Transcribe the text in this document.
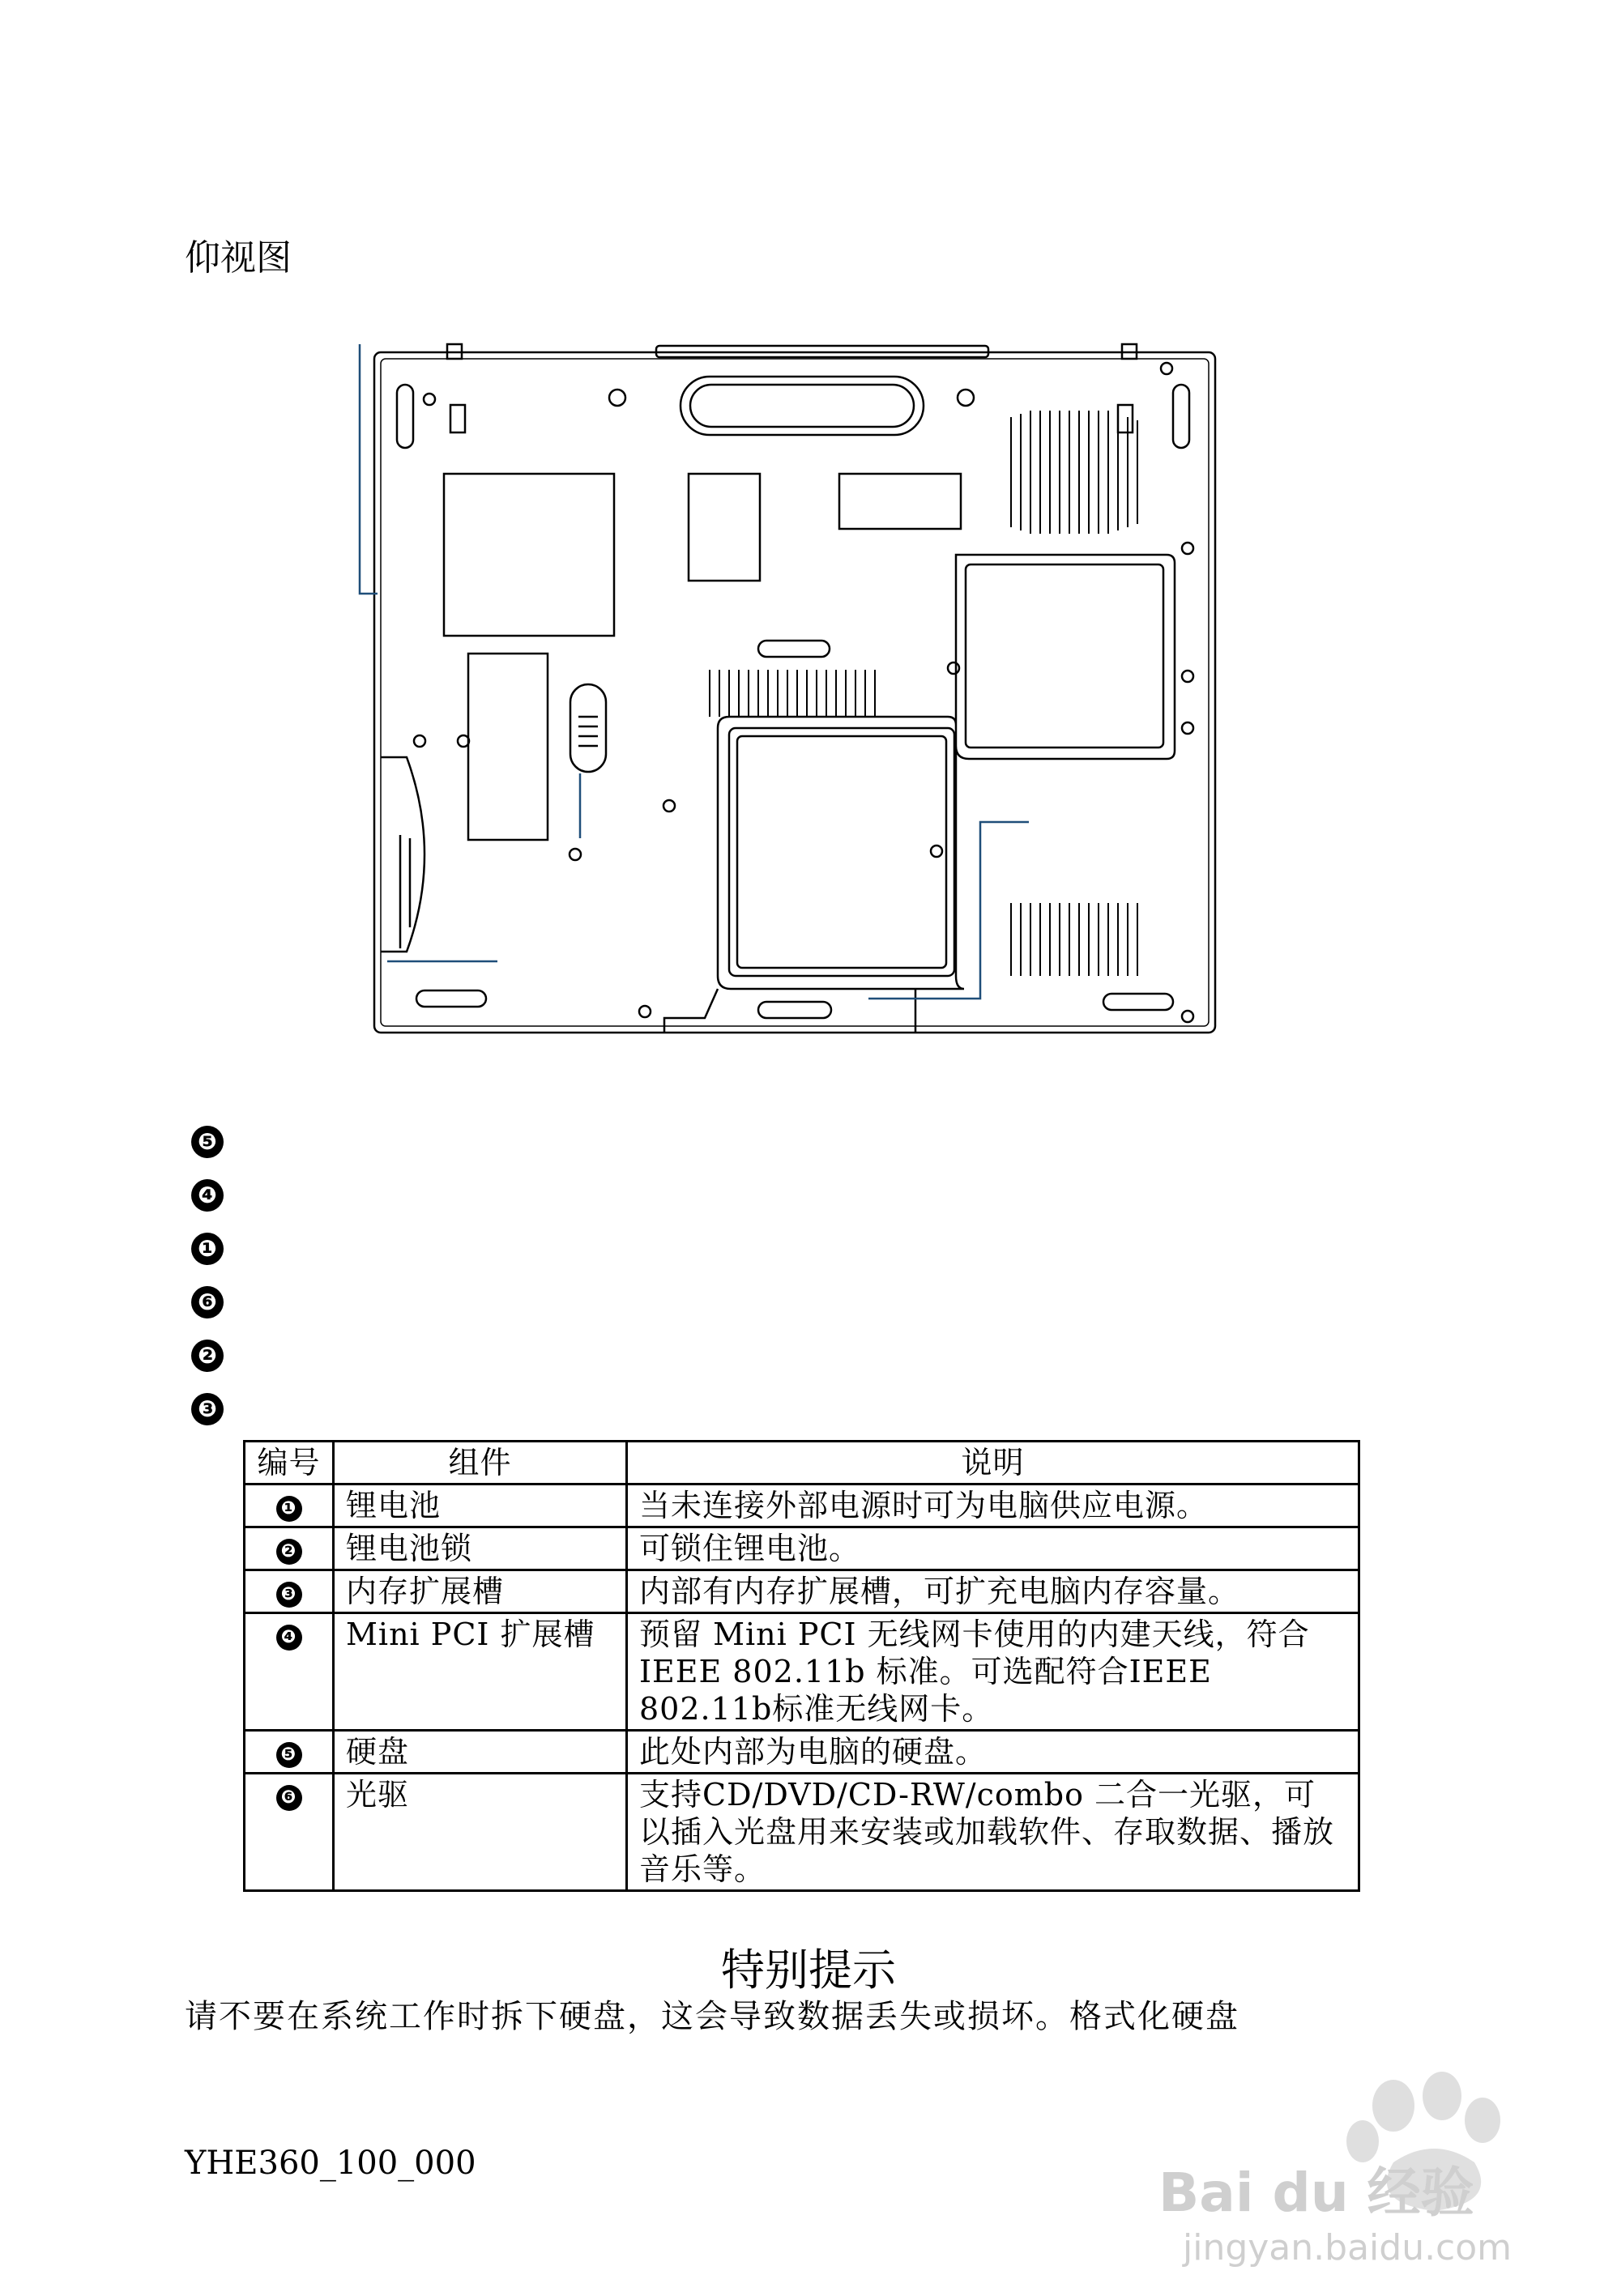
仰视图
❺
❹
❶
❻
❷
❸
编号	组件	说明
❶	锂电池	当未连接外部电源时可为电脑供应电源。
❷	锂电池锁	可锁住锂电池。
❸	内存扩展槽	内部有内存扩展槽，可扩充电脑内存容量。
❹	Mini PCI 扩展槽	预留 Mini PCI 无线网卡使用的内建天线，符合 IEEE 802.11b 标准。可选配符合IEEE 802.11b标准无线网卡。
❺	硬盘	此处内部为电脑的硬盘。
❻	光驱	支持CD/DVD/CD-RW/combo 二合一光驱，可以插入光盘用来安装或加载软件、存取数据、播放音乐等。
特别提示
请不要在系统工作时拆下硬盘，这会导致数据丢失或损坏。格式化硬盘
YHE360_100_000	Bai du 经验
jingyan.baidu.com
